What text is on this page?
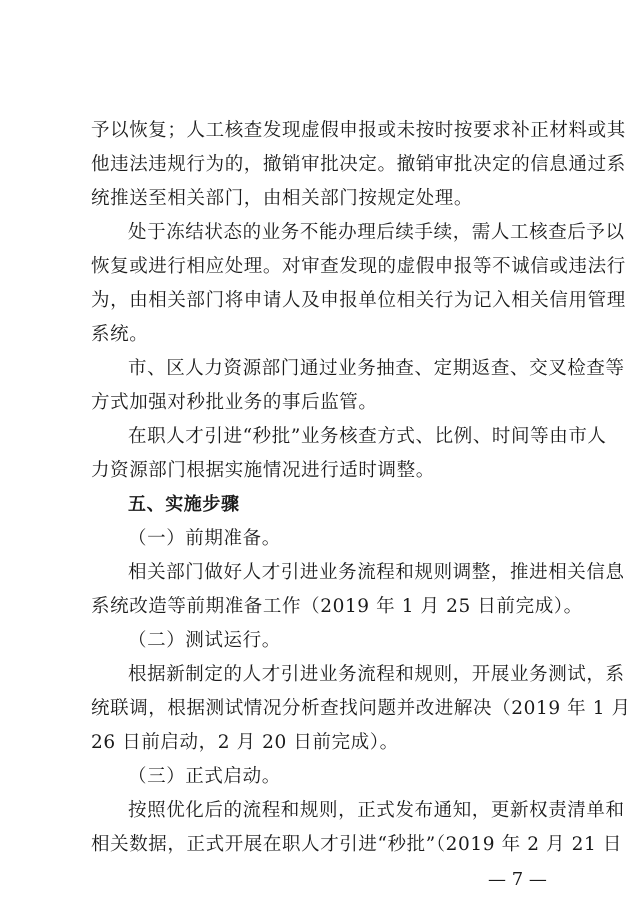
予以恢复；人工核查发现虚假申报或未按时按要求补正材料或其
他违法违规行为的，撤销审批决定。撤销审批决定的信息通过系
统推送至相关部门，由相关部门按规定处理。
处于冻结状态的业务不能办理后续手续，需人工核查后予以
恢复或进行相应处理。对审查发现的虚假申报等不诚信或违法行
为，由相关部门将申请人及申报单位相关行为记入相关信用管理
系统。
市、区人力资源部门通过业务抽查、定期返查、交叉检查等
方式加强对秒批业务的事后监管。
在职人才引进“秒批”业务核查方式、比例、时间等由市人
力资源部门根据实施情况进行适时调整。
五、实施步骤
（一）前期准备。
相关部门做好人才引进业务流程和规则调整，推进相关信息
系统改造等前期准备工作（2019 年 1 月 25 日前完成）。
（二）测试运行。
根据新制定的人才引进业务流程和规则，开展业务测试，系
统联调，根据测试情况分析查找问题并改进解决（2019 年 1 月
26 日前启动，2 月 20 日前完成）。
（三）正式启动。
按照优化后的流程和规则，正式发布通知，更新权责清单和
相关数据，正式开展在职人才引进“秒批”（2019 年 2 月 21 日
— 7 —
